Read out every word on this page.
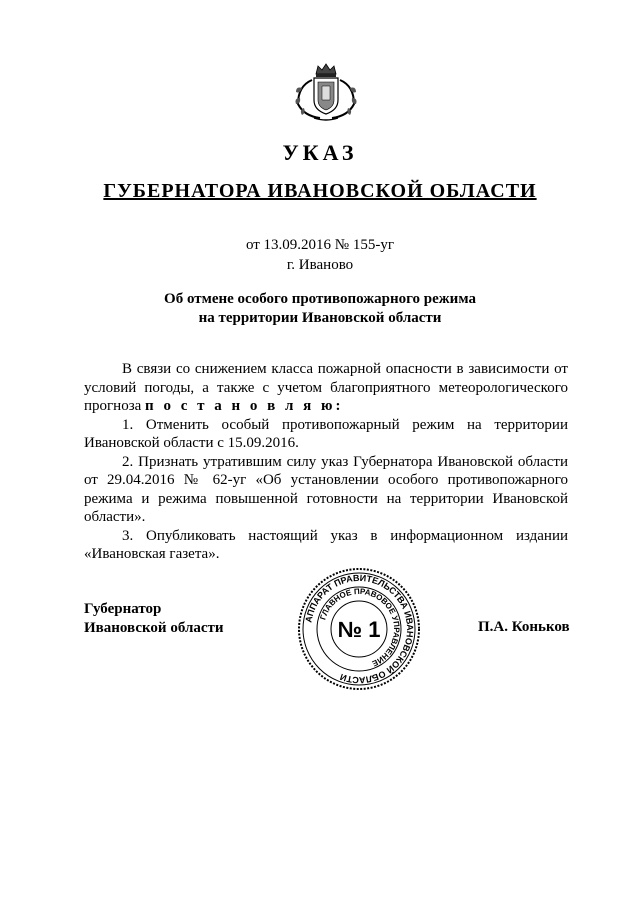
УКАЗ
ГУБЕРНАТОРА ИВАНОВСКОЙ ОБЛАСТИ
от 13.09.2016 № 155-уг
г. Иваново
Об отмене особого противопожарного режима
на территории Ивановской области

В связи со снижением класса пожарной опасности в зависимости от условий погоды, а также с учетом благоприятного метеорологического прогноза п о с т а н о в л я ю:

1. Отменить особый противопожарный режим на территории Ивановской области с 15.09.2016.

2. Признать утратившим силу указ Губернатора Ивановской области от 29.04.2016 № 62-уг «Об установлении особого противопожарного режима и режима повышенной готовности на территории Ивановской области».

3. Опубликовать настоящий указ в информационном издании «Ивановская газета».

Губернатор
Ивановской области
АППАРАТ ПРАВИТЕЛЬСТВА ИВАНОВСКОЙ ОБЛАСТИ
ГЛАВНОЕ ПРАВОВОЕ УПРАВЛЕНИЕ
№ 1	П.А. Коньков
